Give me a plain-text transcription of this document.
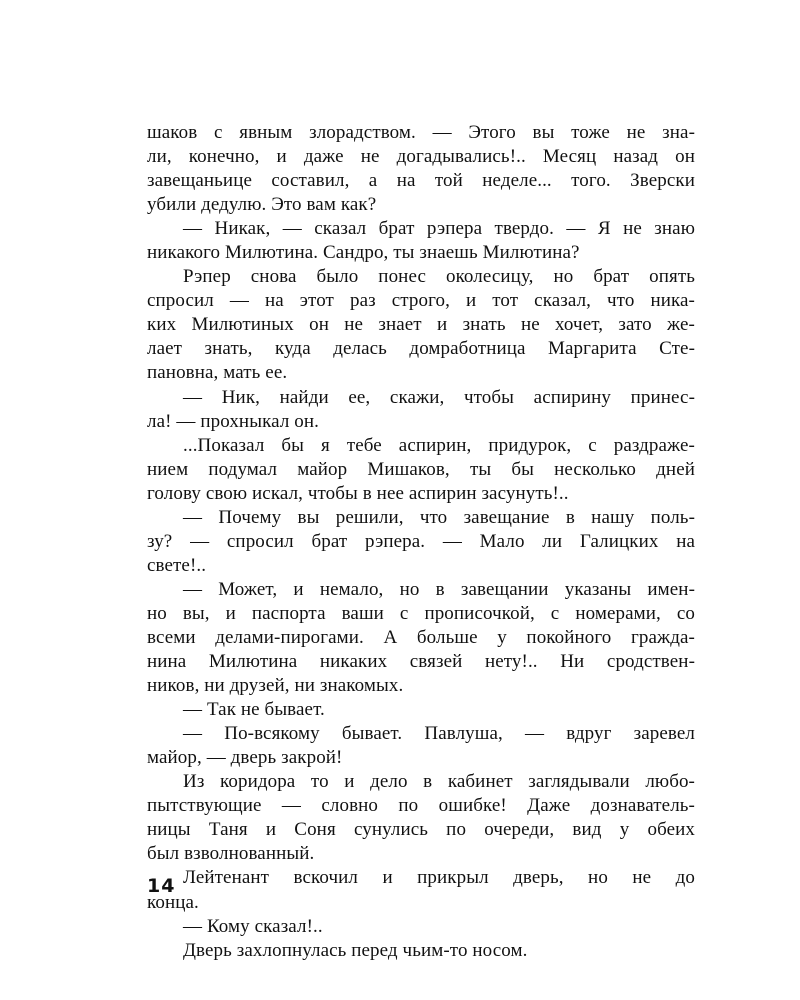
шаков с явным злорадством. — Этого вы тоже не зна-
ли, конечно, и даже не догадывались!.. Месяц назад он
завещаньице составил, а на той неделе... того. Зверски
убили дедулю. Это вам как?
— Никак, — сказал брат рэпера твердо. — Я не знаю
никакого Милютина. Сандро, ты знаешь Милютина?
Рэпер снова было понес околесицу, но брат опять
спросил — на этот раз строго, и тот сказал, что ника-
ких Милютиных он не знает и знать не хочет, зато же-
лает знать, куда делась домработница Маргарита Сте-
пановна, мать ее.
— Ник, найди ее, скажи, чтобы аспирину принес-
ла! — прохныкал он.
...Показал бы я тебе аспирин, придурок, с раздраже-
нием подумал майор Мишаков, ты бы несколько дней
голову свою искал, чтобы в нее аспирин засунуть!..
— Почему вы решили, что завещание в нашу поль-
зу? — спросил брат рэпера. — Мало ли Галицких на
свете!..
— Может, и немало, но в завещании указаны имен-
но вы, и паспорта ваши с прописочкой, с номерами, со
всеми делами-пирогами. А больше у покойного гражда-
нина Милютина никаких связей нету!.. Ни сродствен-
ников, ни друзей, ни знакомых.
— Так не бывает.
— По-всякому бывает. Павлуша, — вдруг заревел
майор, — дверь закрой!
Из коридора то и дело в кабинет заглядывали любо-
пытствующие — словно по ошибке! Даже дознаватель-
ницы Таня и Соня сунулись по очереди, вид у обеих
был взволнованный.
Лейтенант вскочил и прикрыл дверь, но не до
конца.
— Кому сказал!..
Дверь захлопнулась перед чьим-то носом.
14
